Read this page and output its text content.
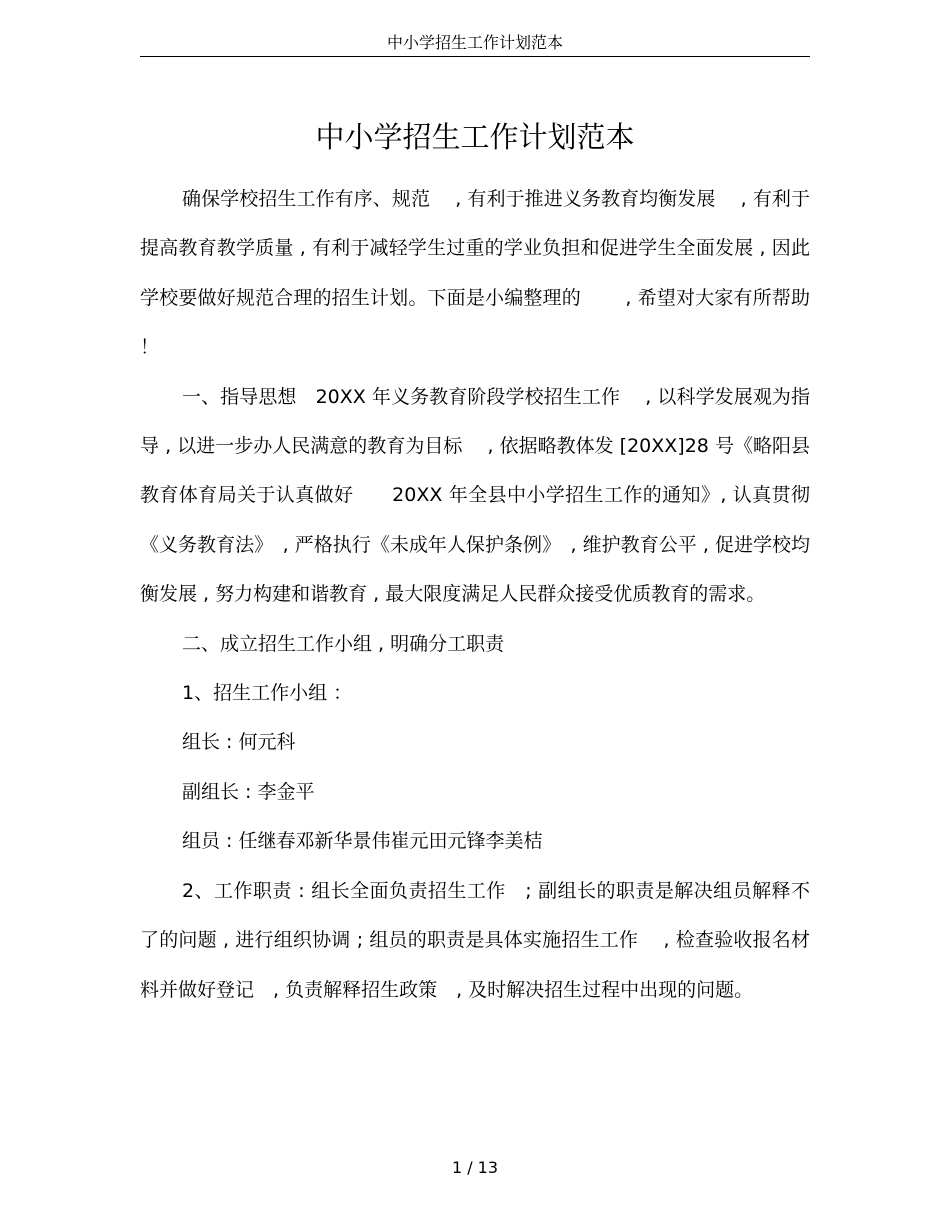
中小学招生工作计划范本
中小学招生工作计划范本

确保学校招生工作有序、规范　 , 有利于推进义务教育均衡发展　 , 有利于提高教育教学质量 , 有利于减轻学生过重的学业负担和促进学生全面发展 , 因此学校要做好规范合理的招生计划。下面是小编整理的　　 , 希望对大家有所帮助 ！

一、指导思想　20XX 年义务教育阶段学校招生工作　 , 以科学发展观为指导 , 以进一步办人民满意的教育为目标　 , 依据略教体发 [20XX]28 号《略阳县教育体育局关于认真做好　　20XX 年全县中小学招生工作的通知》, 认真贯彻《义务教育法》　, 严格执行《未成年人保护条例》　, 维护教育公平 , 促进学校均衡发展 , 努力构建和谐教育 , 最大限度满足人民群众接受优质教育的需求。

二、成立招生工作小组 , 明确分工职责

1、招生工作小组 ：

组长 : 何元科

副组长 : 李金平

组员 : 任继春邓新华景伟崔元田元锋李美桔

2、工作职责 : 组长全面负责招生工作　; 副组长的职责是解决组员解释不了的问题 , 进行组织协调 ; 组员的职责是具体实施招生工作　 , 检查验收报名材料并做好登记　, 负责解释招生政策　, 及时解决招生过程中出现的问题。

1 / 13
